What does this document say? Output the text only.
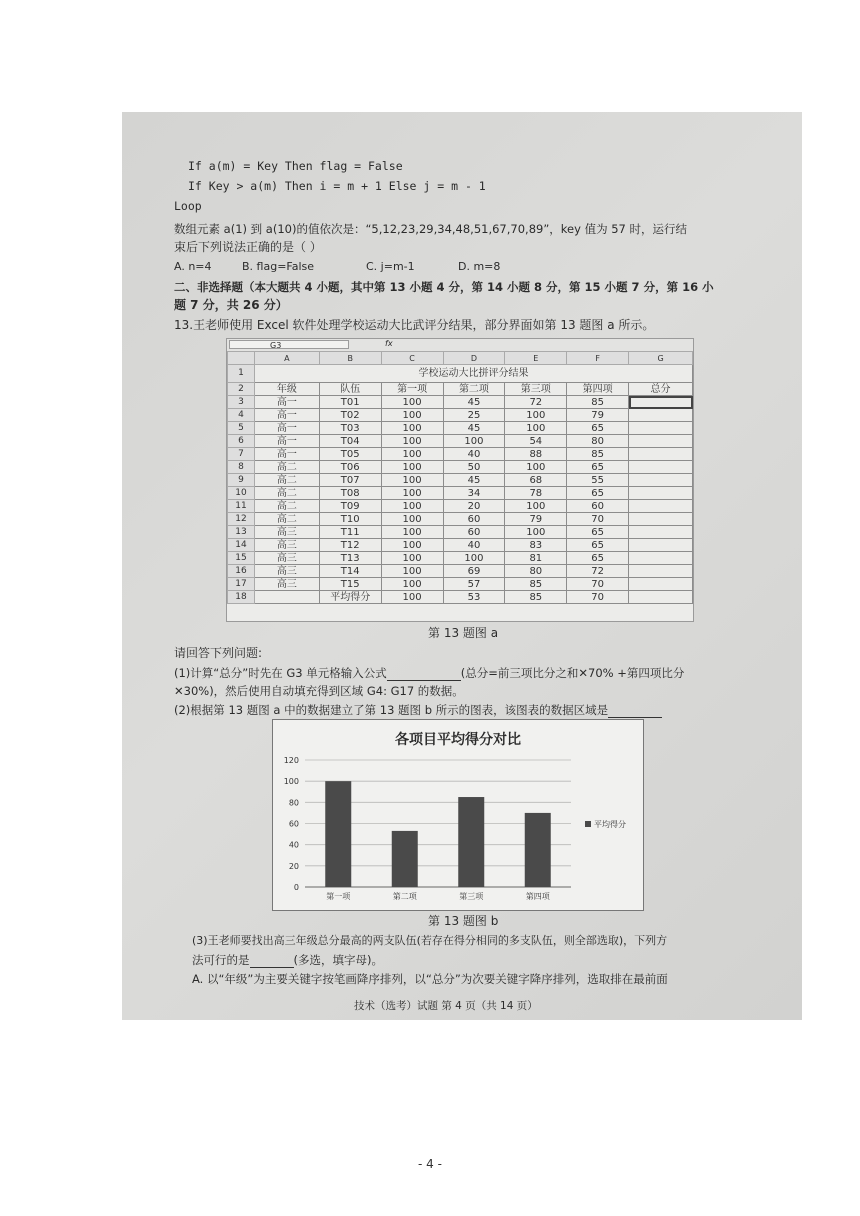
If a(m) = Key Then flag = False
If Key > a(m) Then i = m + 1 Else j = m - 1
Loop
数组元素 a(1) 到 a(10)的值依次是：“5,12,23,29,34,48,51,67,70,89”，key 值为 57 时，运行结
束后下列说法正确的是（ ）
A. n=4	B. flag=False	C. j=m-1	D. m=8
二、非选择题（本大题共 4 小题，其中第 13 小题 4 分，第 14 小题 8 分，第 15 小题 7 分，第 16 小
题 7 分，共 26 分）
13.王老师使用 Excel 软件处理学校运动大比武评分结果，部分界面如第 13 题图 a 所示。
G3	fx
	A	B	C	D	E	F	G
1	学校运动大比拼评分结果						
2	年级	队伍	第一项	第二项	第三项	第四项	总分
3	高一	T01	100	45	72	85	
4	高一	T02	100	25	100	79	
5	高一	T03	100	45	100	65	
6	高一	T04	100	100	54	80	
7	高一	T05	100	40	88	85	
8	高二	T06	100	50	100	65	
9	高二	T07	100	45	68	55	
10	高二	T08	100	34	78	65	
11	高二	T09	100	20	100	60	
12	高二	T10	100	60	79	70	
13	高三	T11	100	60	100	65	
14	高三	T12	100	40	83	65	
15	高三	T13	100	100	81	65	
16	高三	T14	100	69	80	72	
17	高三	T15	100	57	85	70	
18		平均得分	100	53	85	70	
第 13 题图 a
请回答下列问题:
(1)计算“总分”时先在 G3 单元格输入公式	(总分=前三项比分之和✕70% +第四项比分
✕30%)，然后使用自动填充得到区域 G4: G17 的数据。
(2)根据第 13 题图 a 中的数据建立了第 13 题图 b 所示的图表，该图表的数据区域是
各项目平均得分对比
0
20
40
60
80
100
120
第一项	第二项	第三项	第四项
平均得分
第 13 题图 b
(3)王老师要找出高三年级总分最高的两支队伍(若存在得分相同的多支队伍，则全部选取)，下列方
法可行的是	(多选，填字母)。
A. 以“年级”为主要关键字按笔画降序排列，以“总分”为次要关键字降序排列，选取排在最前面
技术（选考）试题 第 4 页（共 14 页）
- 4 -
